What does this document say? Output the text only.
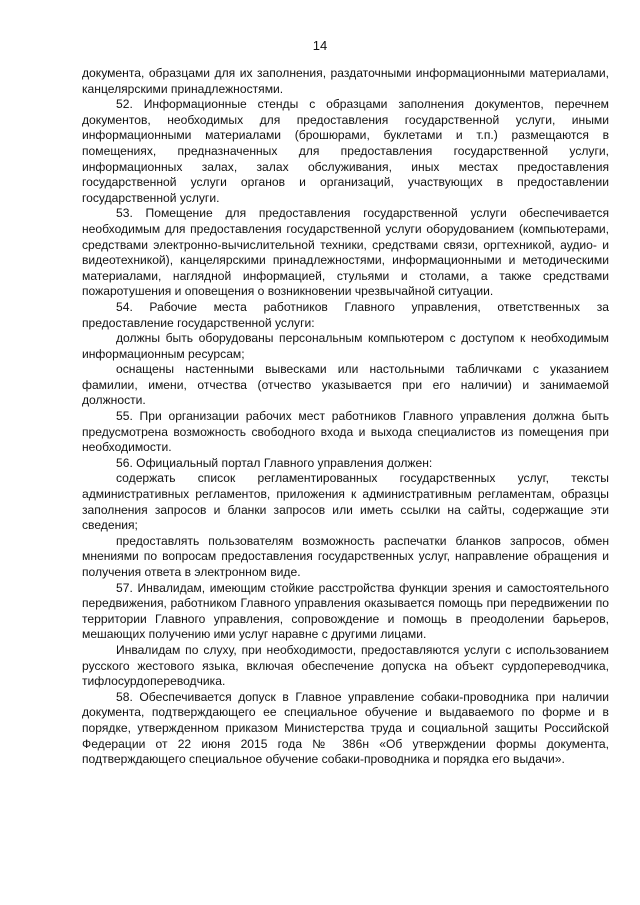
14

документа, образцами для их заполнения, раздаточными информационными материалами, канцелярскими принадлежностями.

52. Информационные стенды с образцами заполнения документов, перечнем документов, необходимых для предоставления государственной услуги, иными информационными материалами (брошюрами, буклетами и т.п.) размещаются в помещениях, предназначенных для предоставления государственной услуги, информационных залах, залах обслуживания, иных местах предоставления государственной услуги органов и организаций, участвующих в предоставлении государственной услуги.

53. Помещение для предоставления государственной услуги обеспечивается необходимым для предоставления государственной услуги оборудованием (компьютерами, средствами электронно-вычислительной техники, средствами связи, оргтехникой, аудио- и видеотехникой), канцелярскими принадлежностями, информационными и методическими материалами, наглядной информацией, стульями и столами, а также средствами пожаротушения и оповещения о возникновении чрезвычайной ситуации.

54. Рабочие места работников Главного управления, ответственных за предоставление государственной услуги:

должны быть оборудованы персональным компьютером с доступом к необходимым информационным ресурсам;

оснащены настенными вывесками или настольными табличками с указанием фамилии, имени, отчества (отчество указывается при его наличии) и занимаемой должности.

55. При организации рабочих мест работников Главного управления должна быть предусмотрена возможность свободного входа и выхода специалистов из помещения при необходимости.

56. Официальный портал Главного управления должен:

содержать список регламентированных государственных услуг, тексты административных регламентов, приложения к административным регламентам, образцы заполнения запросов и бланки запросов или иметь ссылки на сайты, содержащие эти сведения;

предоставлять пользователям возможность распечатки бланков запросов, обмен мнениями по вопросам предоставления государственных услуг, направление обращения и получения ответа в электронном виде.

57. Инвалидам, имеющим стойкие расстройства функции зрения и самостоятельного передвижения, работником Главного управления оказывается помощь при передвижении по территории Главного управления, сопровождение и помощь в преодолении барьеров, мешающих получению ими услуг наравне с другими лицами.

Инвалидам по слуху, при необходимости, предоставляются услуги с использованием русского жестового языка, включая обеспечение допуска на объект сурдопереводчика, тифлосурдопереводчика.

58. Обеспечивается допуск в Главное управление собаки-проводника при наличии документа, подтверждающего ее специальное обучение и выдаваемого по форме и в порядке, утвержденном приказом Министерства труда и социальной защиты Российской Федерации от 22 июня 2015 года № 386н «Об утверждении формы документа, подтверждающего специальное обучение собаки-проводника и порядка его выдачи».
